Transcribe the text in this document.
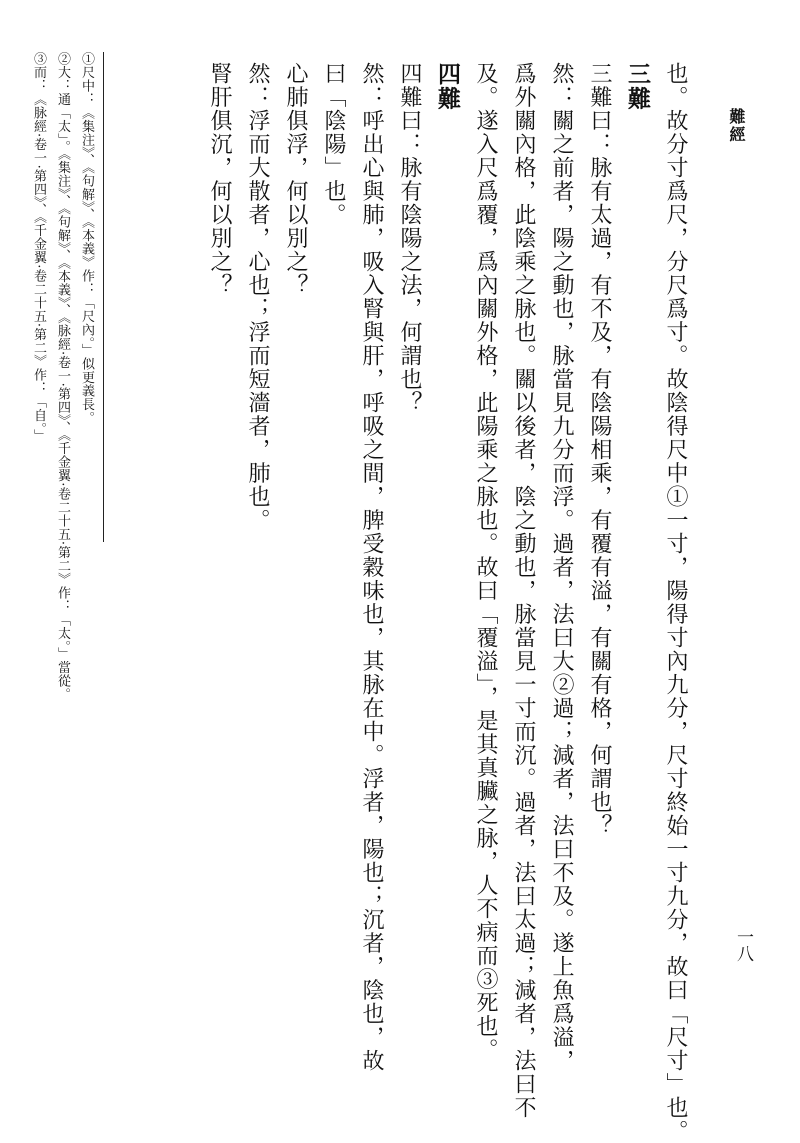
難經
一八
也。故分寸爲尺，分尺爲寸。故陰得尺中①一寸，陽得寸內九分，尺寸終始一寸九分，故曰「尺寸」也。
三難
三難曰：脉有太過，有不及，有陰陽相乘，有覆有溢，有關有格，何謂也？
然：關之前者，陽之動也，脉當見九分而浮。過者，法曰大②過；減者，法曰不及。遂上魚爲溢，
爲外關內格，此陰乘之脉也。關以後者，陰之動也，脉當見一寸而沉。過者，法曰太過；減者，法曰不
及。遂入尺爲覆，爲內關外格，此陽乘之脉也。故曰「覆溢」，是其真臟之脉，人不病而③死也。
四難
四難曰：脉有陰陽之法，何謂也？
然：呼出心與肺，吸入腎與肝，呼吸之間，脾受穀味也，其脉在中。浮者，陽也；沉者，陰也，故
曰「陰陽」也。
心肺俱浮，何以別之？
然：浮而大散者，心也；浮而短濇者，肺也。
腎肝俱沉，何以別之？
①尺中：《集注》、《句解》、《本義》作：「尺內。」似更義長。
②大：通「太」。《集注》、《句解》、《本義》、《脉經·卷一·第四》、《千金翼·卷二十五·第二》作：「太。」當從。
③而：《脉經·卷一·第四》、《千金翼·卷二十五·第二》作：「自。」
